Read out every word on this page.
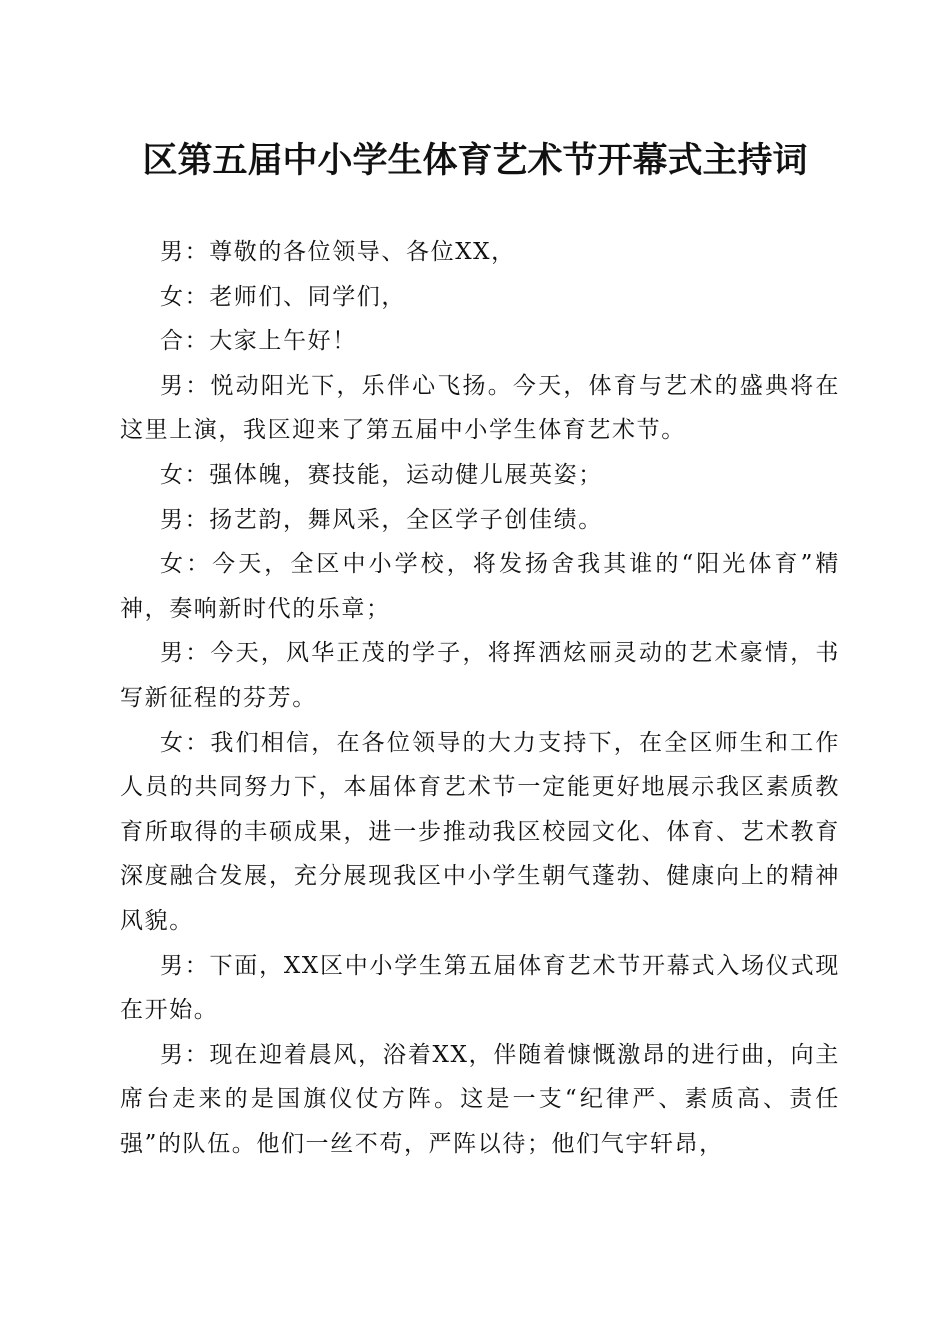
区第五届中小学生体育艺术节开幕式主持词

男：尊敬的各位领导、各位XX，

女：老师们、同学们，

合：大家上午好！

男：悦动阳光下，乐伴心飞扬。今天，体育与艺术的盛典将在这里上演，我区迎来了第五届中小学生体育艺术节。

女：强体魄，赛技能，运动健儿展英姿；

男：扬艺韵，舞风采，全区学子创佳绩。

女：今天，全区中小学校，将发扬舍我其谁的“阳光体育”精神，奏响新时代的乐章；

男：今天，风华正茂的学子，将挥洒炫丽灵动的艺术豪情，书写新征程的芬芳。

女：我们相信，在各位领导的大力支持下，在全区师生和工作人员的共同努力下，本届体育艺术节一定能更好地展示我区素质教育所取得的丰硕成果，进一步推动我区校园文化、体育、艺术教育深度融合发展，充分展现我区中小学生朝气蓬勃、健康向上的精神风貌。

男：下面，XX区中小学生第五届体育艺术节开幕式入场仪式现在开始。

男：现在迎着晨风，浴着XX，伴随着慷慨激昂的进行曲，向主席台走来的是国旗仪仗方阵。这是一支“纪律严、素质高、责任强”的队伍。他们一丝不苟，严阵以待；他们气宇轩昂，
